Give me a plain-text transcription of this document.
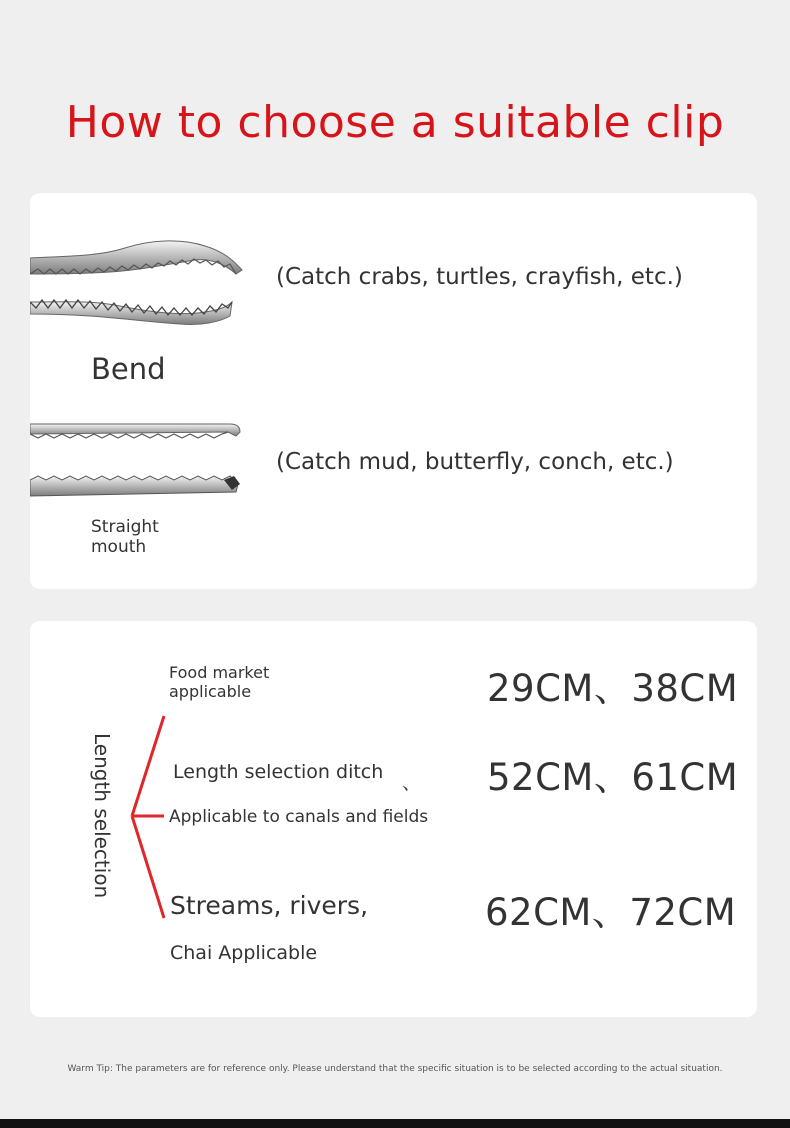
How to choose a suitable clip
(Catch crabs, turtles, crayfish, etc.)
Bend
(Catch mud, butterfly, conch, etc.)
Straight
mouth
Length selection
Food market
applicable	29CM、38CM
Length selection ditch 、
Applicable to canals and fields
52CM、61CM
Streams, rivers,
Chai Applicable
62CM、72CM
Warm Tip: The parameters are for reference only. Please understand that the specific situation is to be selected according to the actual situation.
